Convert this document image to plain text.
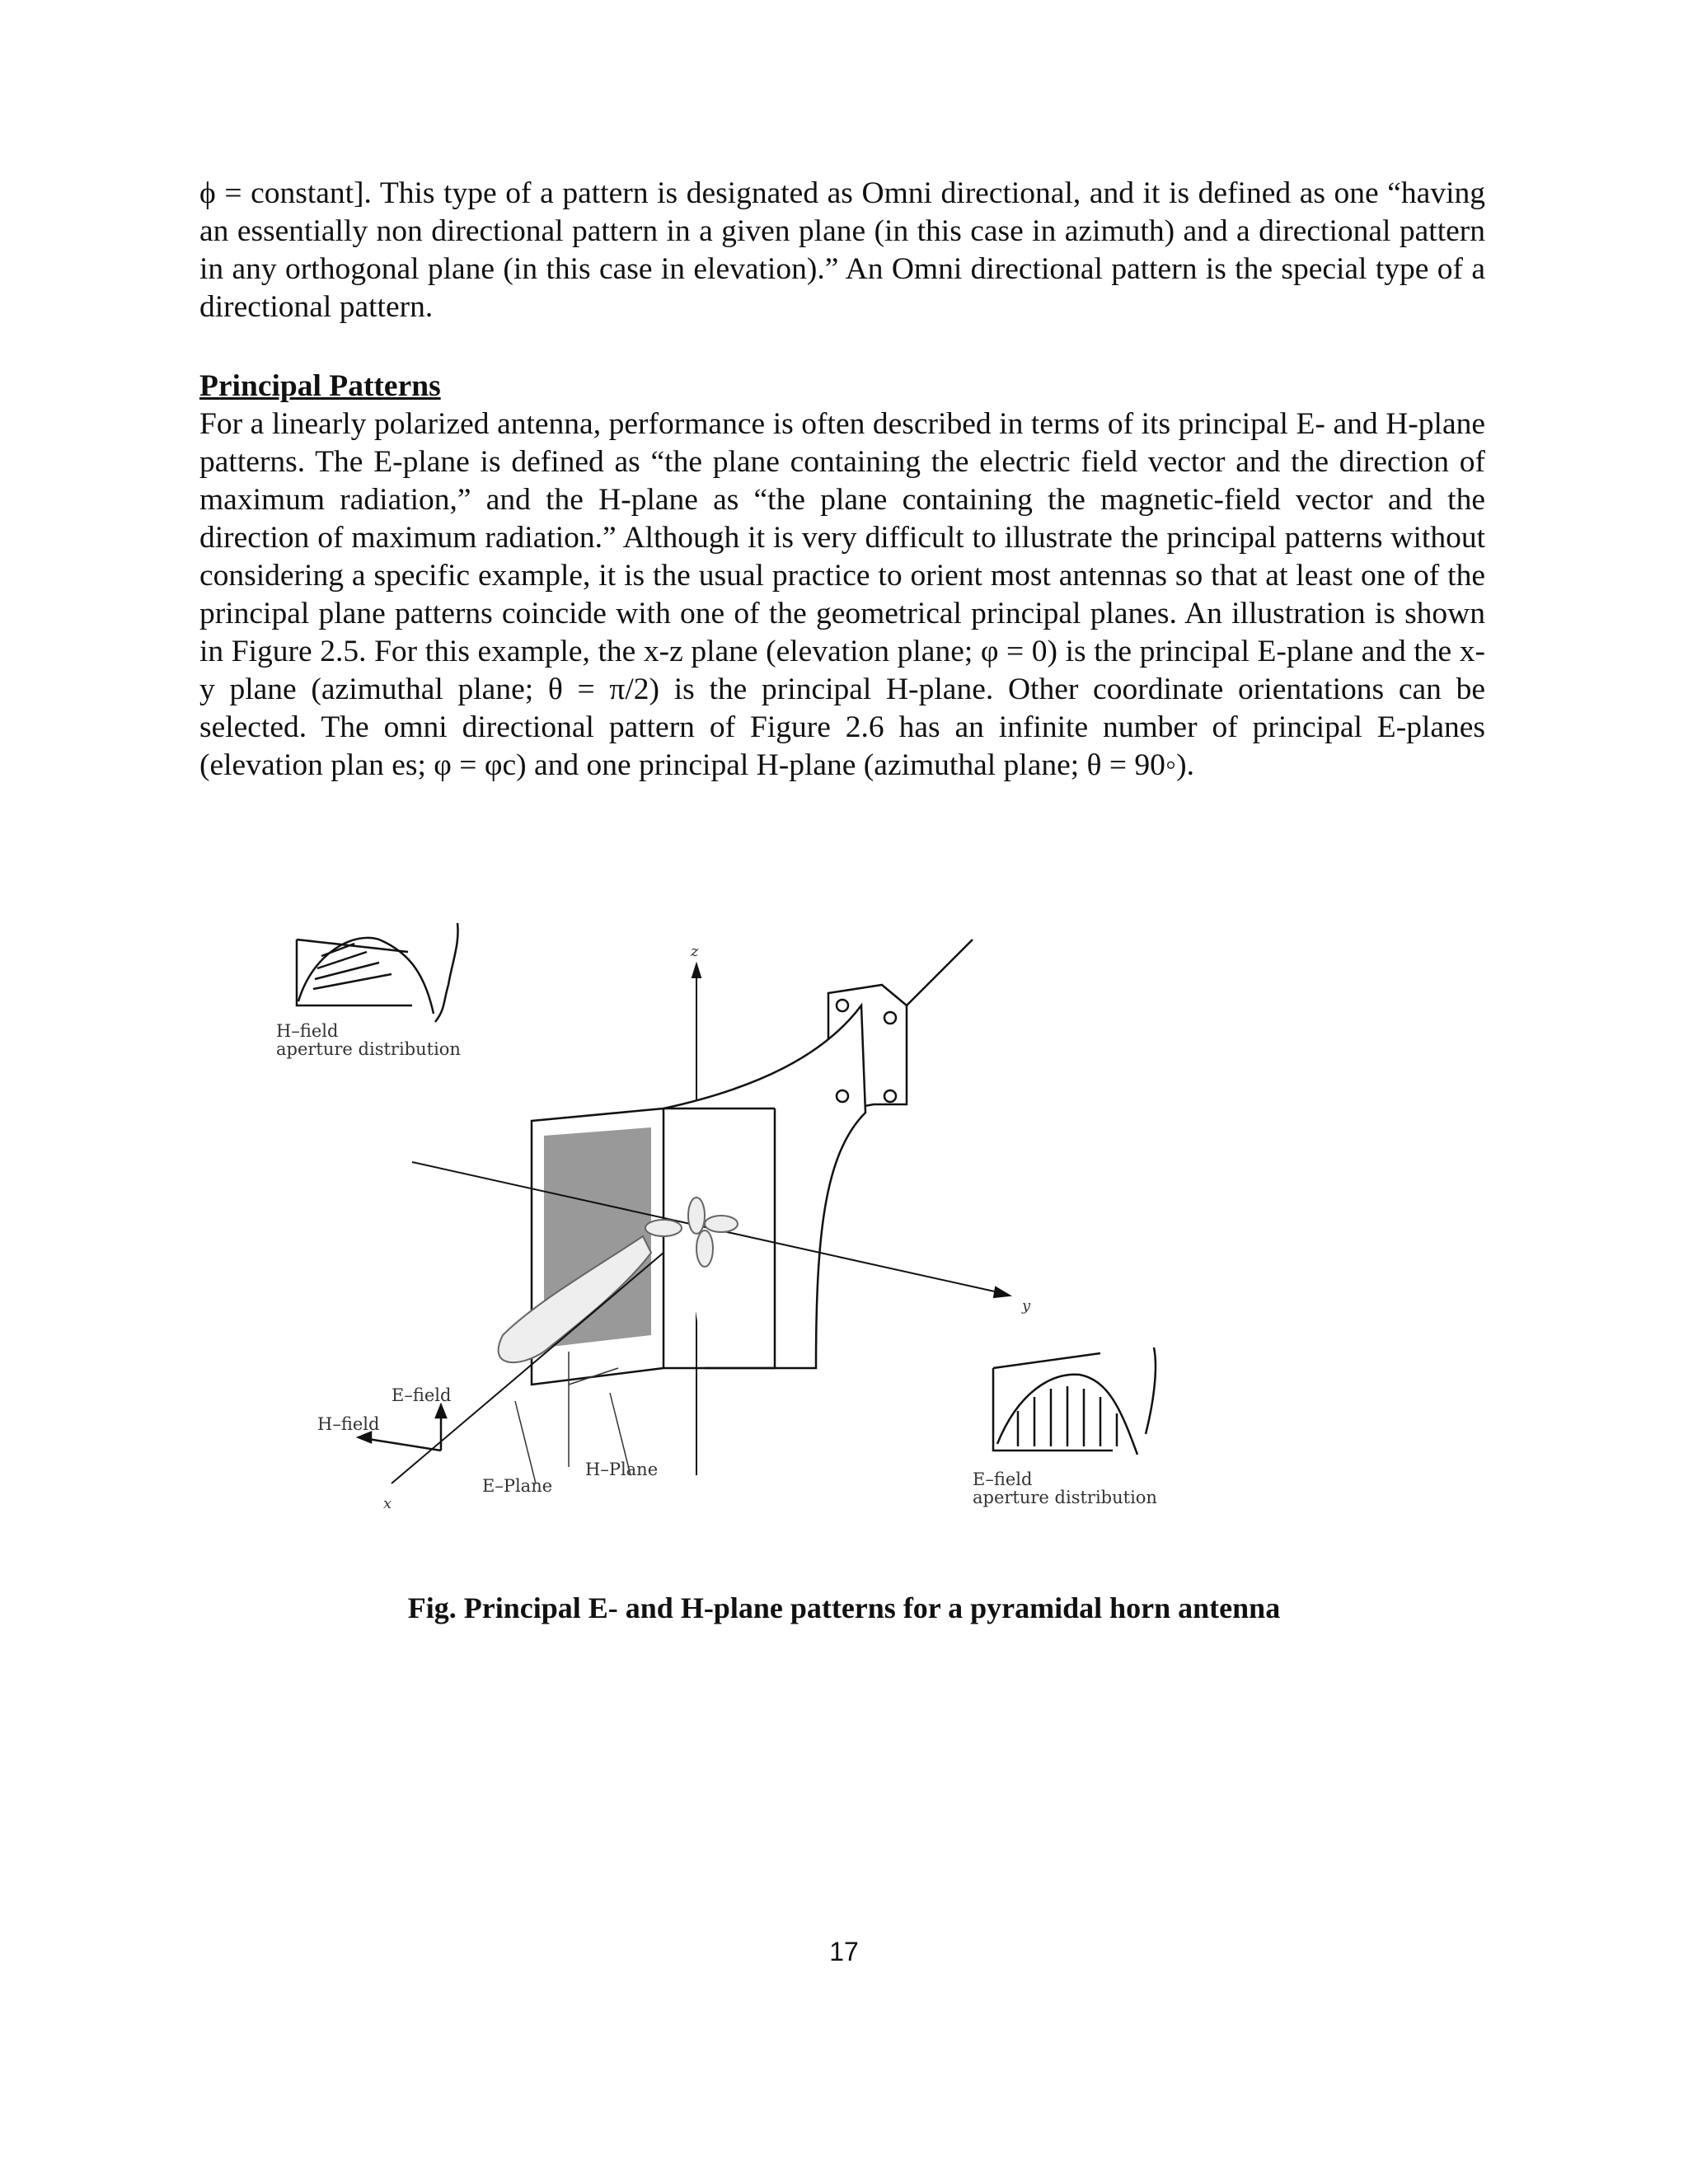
ϕ = constant]. This type of a pattern is designated as Omni directional, and it is defined as one “having an essentially non directional pattern in a given plane (in this case in azimuth) and a directional pattern in any orthogonal plane (in this case in elevation).” An Omni directional pattern is the special type of a directional pattern.

Principal Patterns

For a linearly polarized antenna, performance is often described in terms of its principal E- and H-plane patterns. The E-plane is defined as “the plane containing the electric field vector and the direction of maximum radiation,” and the H-plane as “the plane containing the magnetic-field vector and the direction of maximum radiation.” Although it is very difficult to illustrate the principal patterns without considering a specific example, it is the usual practice to orient most antennas so that at least one of the principal plane patterns coincide with one of the geometrical principal planes. An illustration is shown in Figure 2.5. For this example, the x-z plane (elevation plane; φ = 0) is the principal E-plane and the x-y plane (azimuthal plane; θ = π/2) is the principal H-plane. Other coordinate orientations can be selected. The omni directional pattern of Figure 2.6 has an infinite number of principal E-planes (elevation plan es; φ = φc) and one principal H-plane (azimuthal plane; θ = 90◦).

H–field
aperture distribution
z
y
x
E–field
H–field
E–Plane
H–Plane	E–field
aperture distribution

Fig. Principal E- and H-plane patterns for a pyramidal horn antenna

17
